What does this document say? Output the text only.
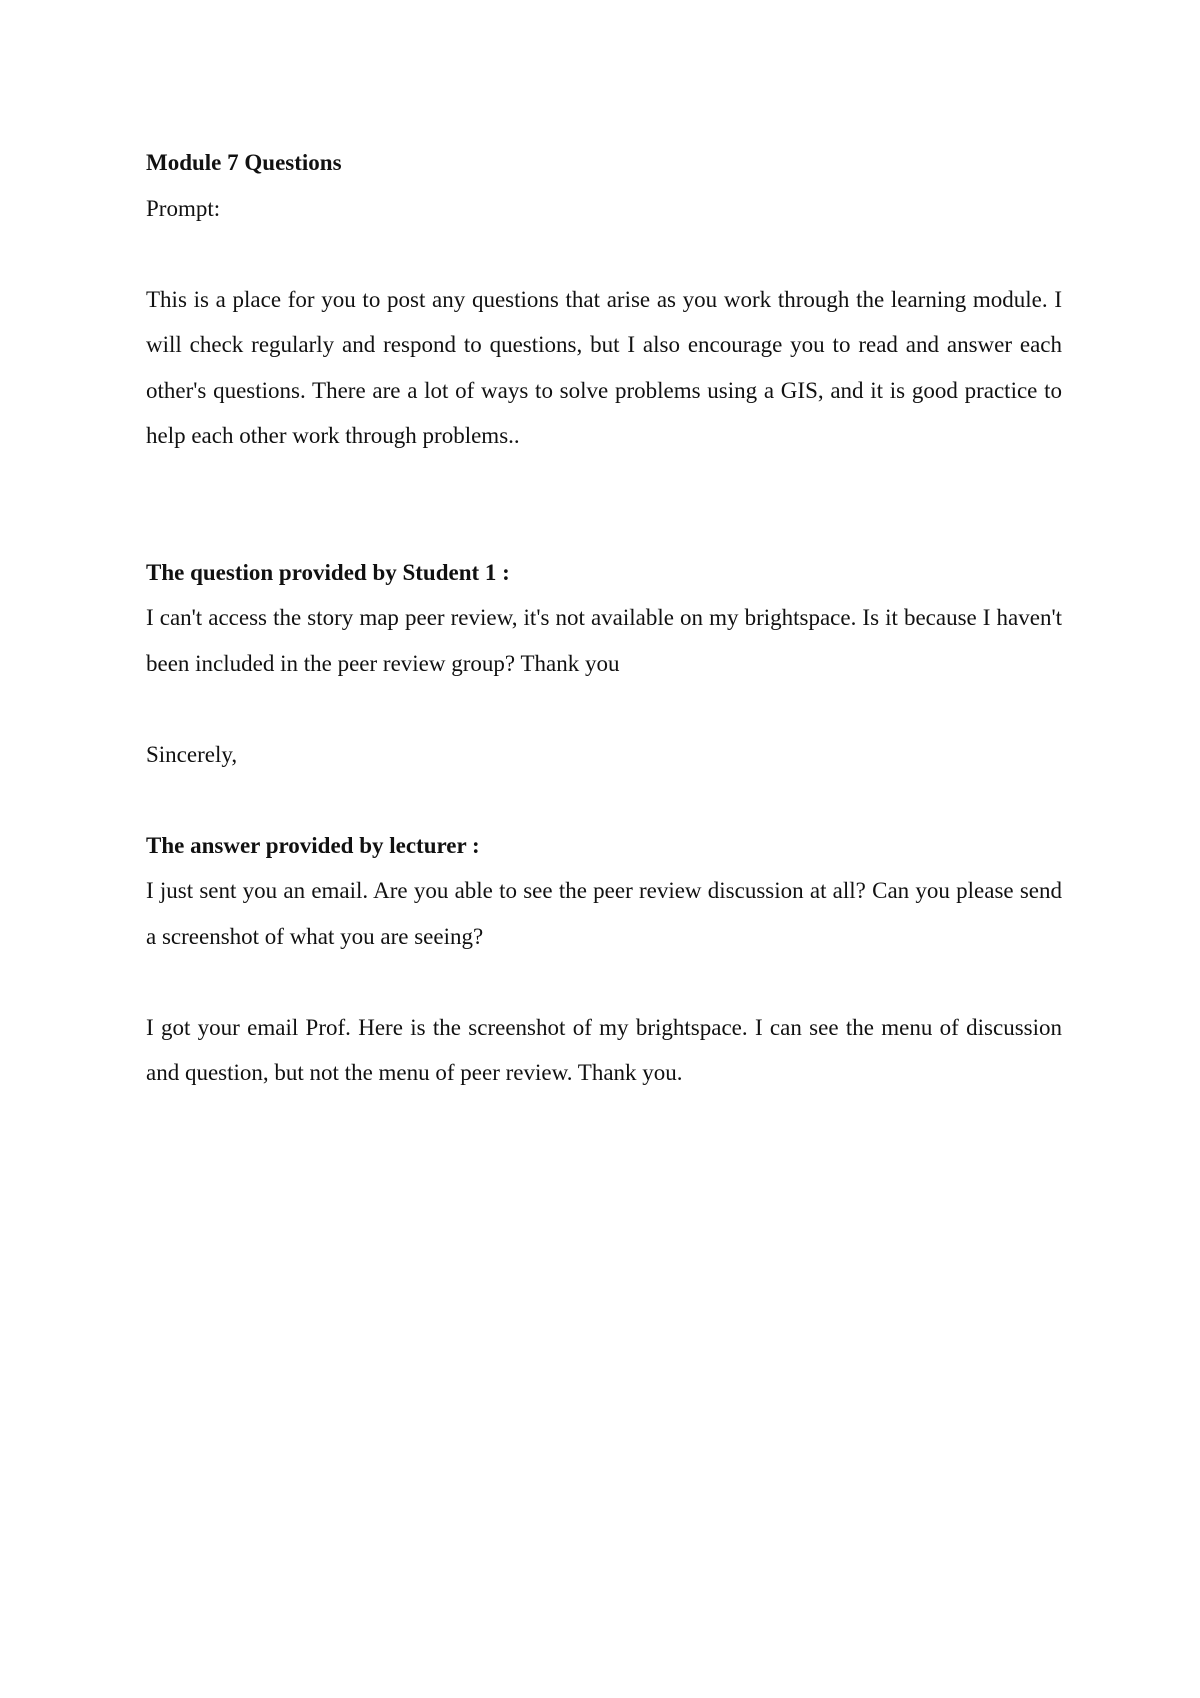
Module 7 Questions

Prompt:

This is a place for you to post any questions that arise as you work through the learning module. I will check regularly and respond to questions, but I also encourage you to read and answer each other's questions. There are a lot of ways to solve problems using a GIS, and it is good practice to help each other work through problems..

The question provided by Student 1 :

I can't access the story map peer review, it's not available on my brightspace. Is it because I haven't been included in the peer review group? Thank you

Sincerely,

The answer provided by lecturer :

I just sent you an email. Are you able to see the peer review discussion at all? Can you please send a screenshot of what you are seeing?

I got your email Prof. Here is the screenshot of my brightspace. I can see the menu of discussion and question, but not the menu of peer review. Thank you.
